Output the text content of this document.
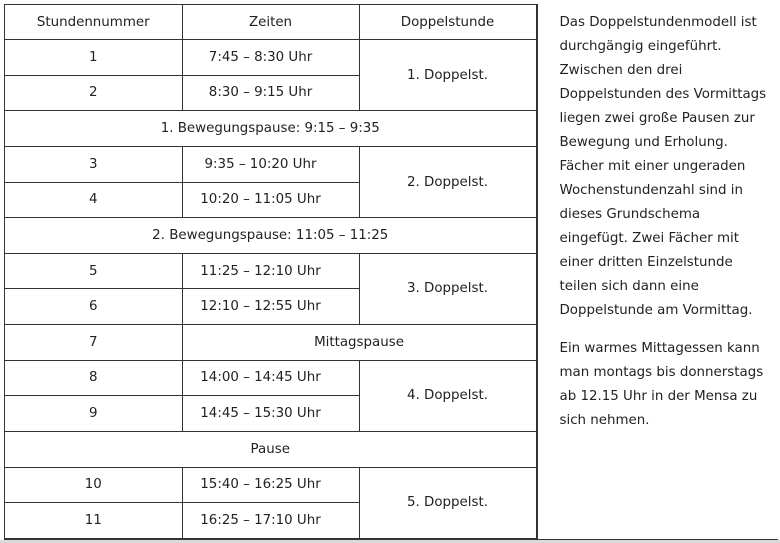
Stundennummer	Zeiten	Doppelstunde
1	7:45 – 8:30 Uhr	1. Doppelst.
2	8:30 – 9:15 Uhr	
1. Bewegungspause: 9:15 – 9:35		
3	9:35 – 10:20 Uhr	2. Doppelst.
4	10:20 – 11:05 Uhr	
2. Bewegungspause: 11:05 – 11:25		
5	11:25 – 12:10 Uhr	3. Doppelst.
6	12:10 – 12:55 Uhr	
7	Mittagspause	
8	14:00 – 14:45 Uhr	4. Doppelst.
9	14:45 – 15:30 Uhr	
Pause		
10	15:40 – 16:25 Uhr	5. Doppelst.
11	16:25 – 17:10 Uhr	

Das Doppelstundenmodell ist durchgängig eingeführt. Zwischen den drei Doppelstunden des Vormittags liegen zwei große Pausen zur Bewegung und Erholung. Fächer mit einer ungeraden Wochenstundenzahl sind in dieses Grundschema eingefügt. Zwei Fächer mit einer dritten Einzelstunde teilen sich dann eine Doppelstunde am Vormittag.

Ein warmes Mittagessen kann man montags bis donnerstags ab 12.15 Uhr in der Mensa zu sich nehmen.
